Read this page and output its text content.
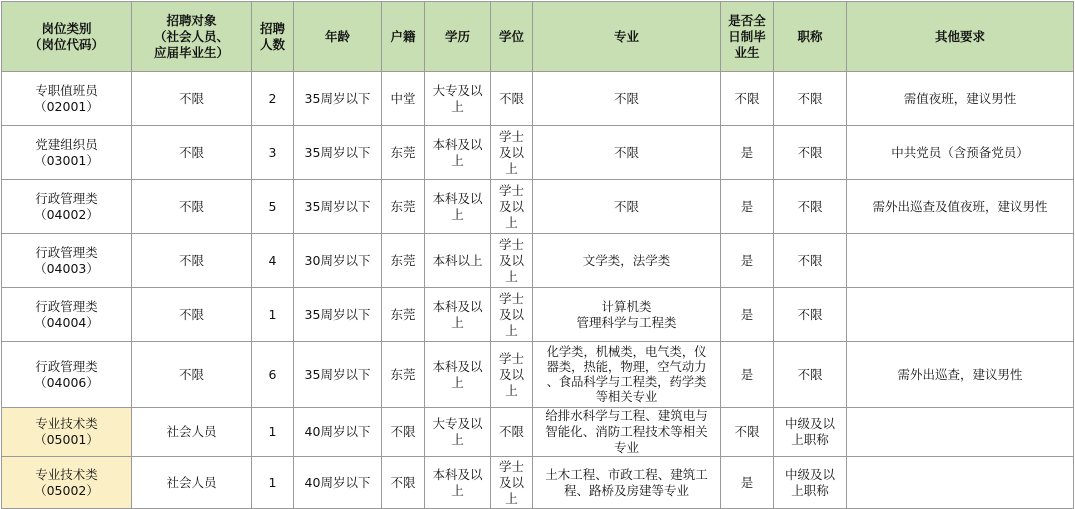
岗位类别
（岗位代码）	招聘对象
（社会人员、
应届毕业生）	招聘
人数	年龄	户籍	学历	学位	专业	是否全
日制毕
业生	职称	其他要求

专职值班员
（02001）	不限	2	35周岁以下	中堂	大专及以
上	不限	不限	不限	不限	需值夜班，建议男性

党建组织员
（03001）	不限	3	35周岁以下	东莞	本科及以
上	学士
及以
上	不限	是	不限	中共党员（含预备党员）

行政管理类
（04002）	不限	5	35周岁以下	东莞	本科及以
上	学士
及以
上	不限	是	不限	需外出巡查及值夜班，建议男性

行政管理类
（04003）	不限	4	30周岁以下	东莞	本科以上	学士
及以
上	文学类，法学类	是	不限	

行政管理类
（04004）	不限	1	35周岁以下	东莞	本科及以
上	学士
及以
上	计算机类
管理科学与工程类	是	不限	

行政管理类
（04006）	不限	6	35周岁以下	东莞	本科及以
上	学士
及以
上	化学类，机械类，电气类，仪
器类，热能，物理，空气动力
、食品科学与工程类，药学类
等相关专业	是	不限	需外出巡查，建议男性

专业技术类
（05001）	社会人员	1	40周岁以下	不限	大专及以
上	不限	给排水科学与工程、建筑电与
智能化、消防工程技术等相关
专业	不限	中级及以
上职称	

专业技术类
（05002）	社会人员	1	40周岁以下	不限	本科及以
上	学士
及以
上	土木工程、市政工程、建筑工
程、路桥及房建等专业	是	中级及以
上职称	
